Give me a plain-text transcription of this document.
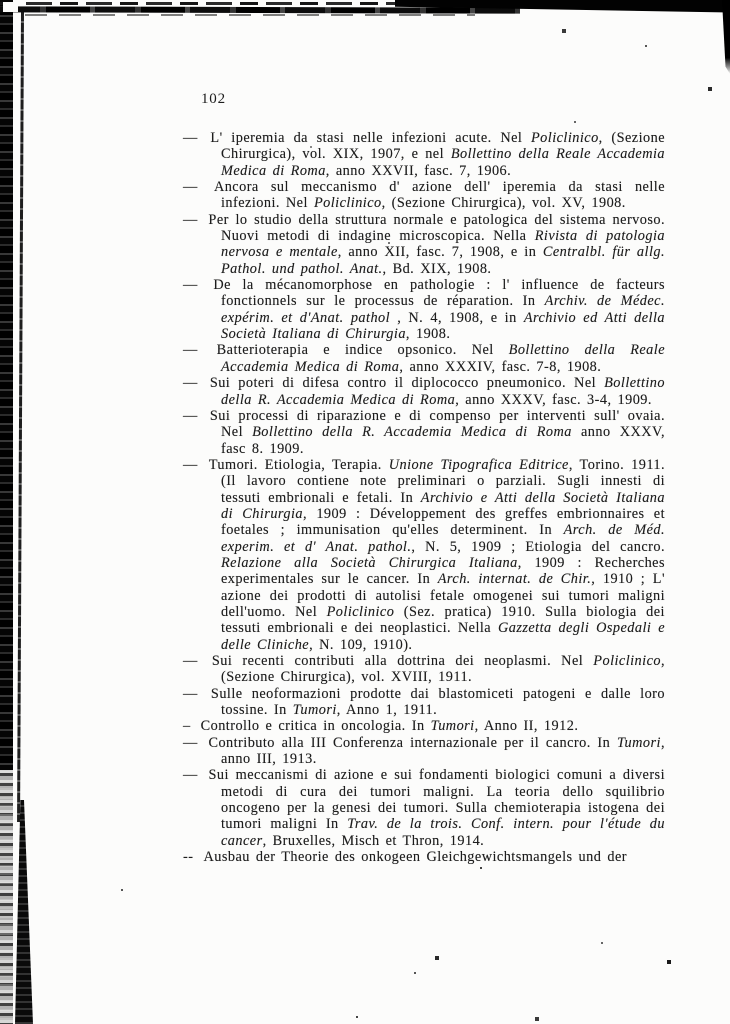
102
— L' iperemia da stasi nelle infezioni acute. Nel Policlinico, (Sezione Chirurgica), vol. XIX, 1907, e nel Bollettino della Reale Accademia Medica di Roma, anno XXVII, fasc. 7, 1906.
— Ancora sul meccanismo d' azione dell' iperemia da stasi nelle infezioni. Nel Policlinico, (Sezione Chirurgica), vol. XV, 1908.
— Per lo studio della struttura normale e patologica del sistema nervoso. Nuovi metodi di indagine microscopica. Nella Rivista di patologia nervosa e mentale, anno XII, fasc. 7, 1908, e in Centralbl. für allg. Pathol. und pathol. Anat., Bd. XIX, 1908.
— De la mécanomorphose en pathologie : l' influence de facteurs fonctionnels sur le processus de réparation. In Archiv. de Médec. expérim. et d'Anat. pathol , N. 4, 1908, e in Archivio ed Atti della Società Italiana di Chirurgia, 1908.
— Batterioterapia e indice opsonico. Nel Bollettino della Reale Accademia Medica di Roma, anno XXXIV, fasc. 7-8, 1908.
— Sui poteri di difesa contro il diplococco pneumonico. Nel Bollettino della R. Accademia Medica di Roma, anno XXXV, fasc. 3-4, 1909.
— Sui processi di riparazione e di compenso per interventi sull' ovaia. Nel Bollettino della R. Accademia Medica di Roma anno XXXV, fasc 8. 1909.
— Tumori. Etiologia, Terapia. Unione Tipografica Editrice, Torino. 1911. (Il lavoro contiene note preliminari o parziali. Sugli innesti di tessuti embrionali e fetali. In Archivio e Atti della Società Italiana di Chirurgia, 1909 : Développement des greffes embrionnaires et foetales ; immunisation qu'elles determinent. In Arch. de Méd. experim. et d' Anat. pathol., N. 5, 1909 ; Etiologia del cancro. Relazione alla Società Chirurgica Italiana, 1909 : Recherches experimentales sur le cancer. In Arch. internat. de Chir., 1910 ; L' azione dei prodotti di autolisi fetale omogenei sui tumori maligni dell'uomo. Nel Policlinico (Sez. pratica) 1910. Sulla biologia dei tessuti embrionali e dei neoplastici. Nella Gazzetta degli Ospedali e delle Cliniche, N. 109, 1910).
— Sui recenti contributi alla dottrina dei neoplasmi. Nel Policlinico, (Sezione Chirurgica), vol. XVIII, 1911.
— Sulle neoformazioni prodotte dai blastomiceti patogeni e dalle loro tossine. In Tumori, Anno 1, 1911.
– Controllo e critica in oncologia. In Tumori, Anno II, 1912.
— Contributo alla III Conferenza internazionale per il cancro. In Tumori, anno III, 1913.
— Sui meccanismi di azione e sui fondamenti biologici comuni a diversi metodi di cura dei tumori maligni. La teoria dello squilibrio oncogeno per la genesi dei tumori. Sulla chemioterapia istogena dei tumori maligni In Trav. de la trois. Conf. intern. pour l'étude du cancer, Bruxelles, Misch et Thron, 1914.
-- Ausbau der Theorie des onkogeen Gleichgewichtsmangels und der
